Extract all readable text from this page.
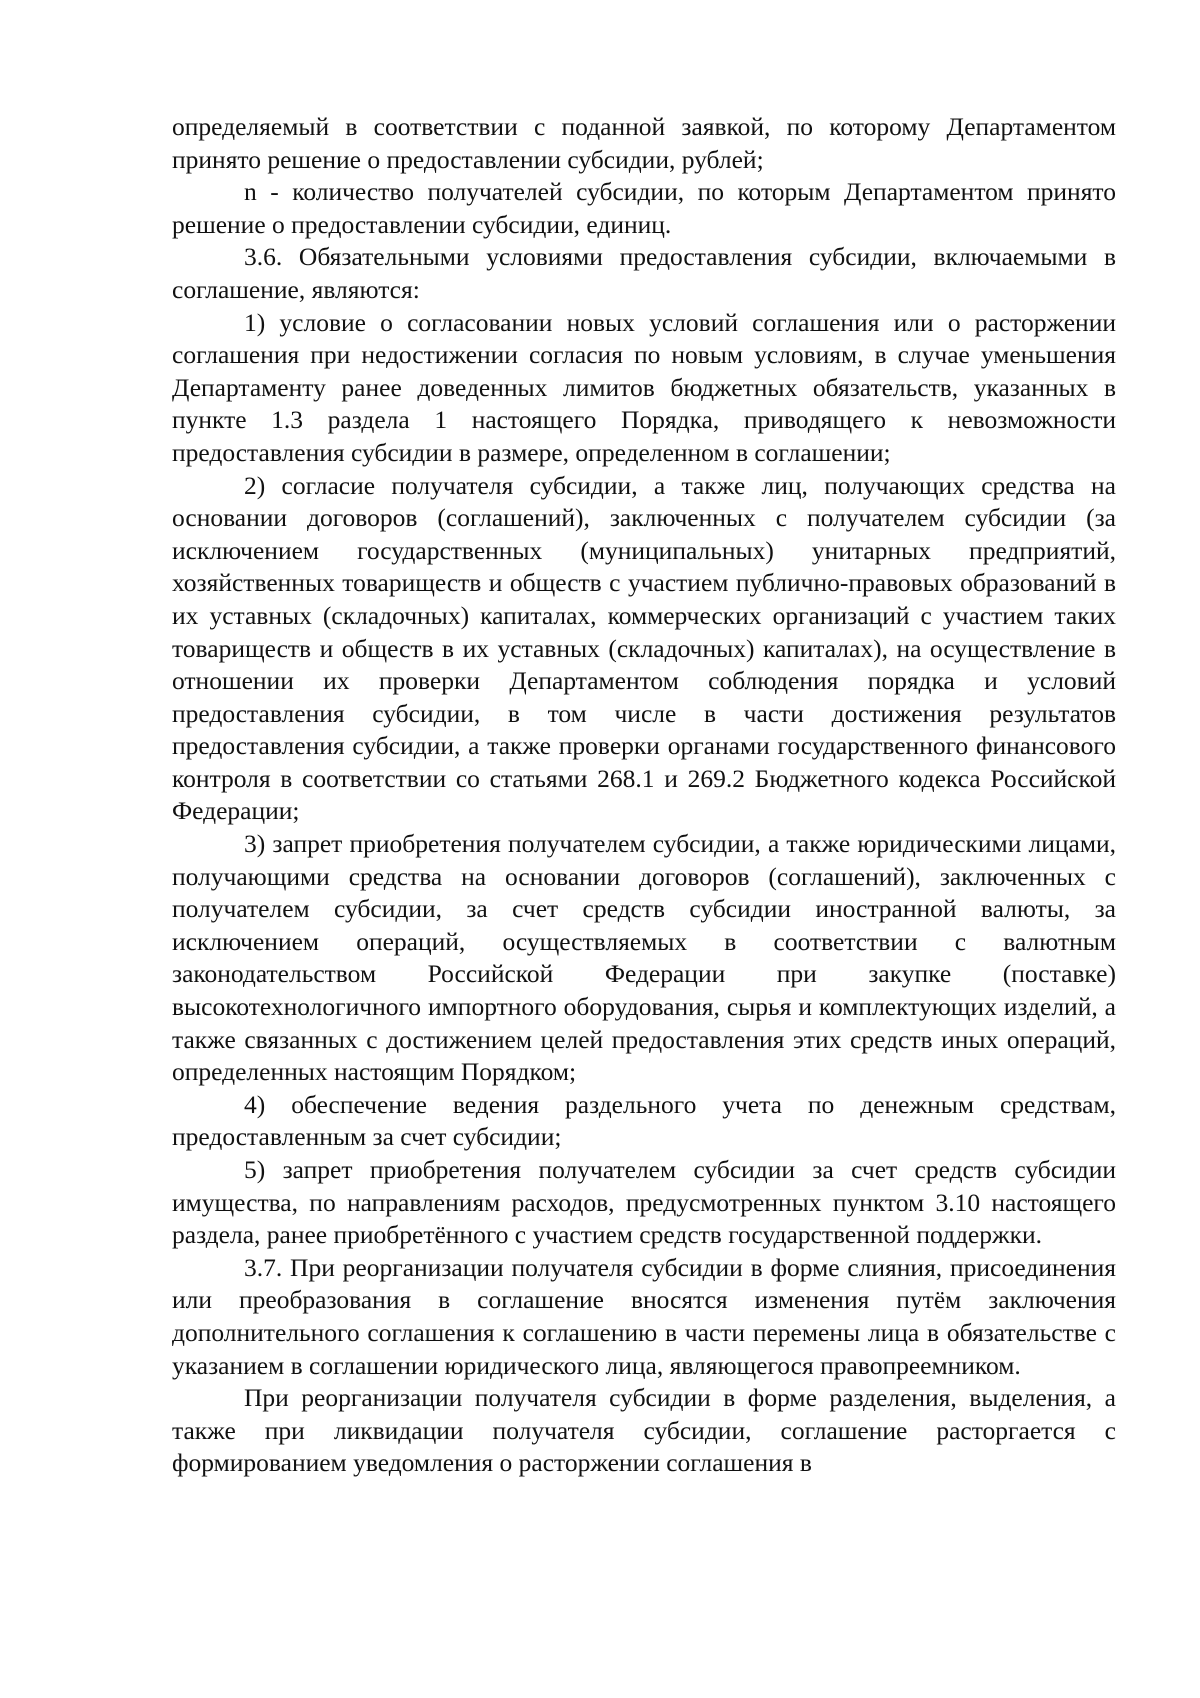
определяемый в соответствии с поданной заявкой, по которому Департаментом принято решение о предоставлении субсидии, рублей;

n - количество получателей субсидии, по которым Департаментом принято решение о предоставлении субсидии, единиц.

3.6. Обязательными условиями предоставления субсидии, включаемыми в соглашение, являются:

1) условие о согласовании новых условий соглашения или о расторжении соглашения при недостижении согласия по новым условиям, в случае уменьшения Департаменту ранее доведенных лимитов бюджетных обязательств, указанных в пункте 1.3 раздела 1 настоящего Порядка, приводящего к невозможности предоставления субсидии в размере, определенном в соглашении;

2) согласие получателя субсидии, а также лиц, получающих средства на основании договоров (соглашений), заключенных с получателем субсидии (за исключением государственных (муниципальных) унитарных предприятий, хозяйственных товариществ и обществ с участием публично-правовых образований в их уставных (складочных) капиталах, коммерческих организаций с участием таких товариществ и обществ в их уставных (складочных) капиталах), на осуществление в отношении их проверки Департаментом соблюдения порядка и условий предоставления субсидии, в том числе в части достижения результатов предоставления субсидии, а также проверки органами государственного финансового контроля в соответствии со статьями 268.1 и 269.2 Бюджетного кодекса Российской Федерации;

3) запрет приобретения получателем субсидии, а также юридическими лицами, получающими средства на основании договоров (соглашений), заключенных с получателем субсидии, за счет средств субсидии иностранной валюты, за исключением операций, осуществляемых в соответствии с валютным законодательством Российской Федерации при закупке (поставке) высокотехнологичного импортного оборудования, сырья и комплектующих изделий, а также связанных с достижением целей предоставления этих средств иных операций, определенных настоящим Порядком;

4) обеспечение ведения раздельного учета по денежным средствам, предоставленным за счет субсидии;

5) запрет приобретения получателем субсидии за счет средств субсидии имущества, по направлениям расходов, предусмотренных пунктом 3.10 настоящего раздела, ранее приобретённого с участием средств государственной поддержки.

3.7. При реорганизации получателя субсидии в форме слияния, присоединения или преобразования в соглашение вносятся изменения путём заключения дополнительного соглашения к соглашению в части перемены лица в обязательстве с указанием в соглашении юридического лица, являющегося правопреемником.

При реорганизации получателя субсидии в форме разделения, выделения, а также при ликвидации получателя субсидии, соглашение расторгается с формированием уведомления о расторжении соглашения в
